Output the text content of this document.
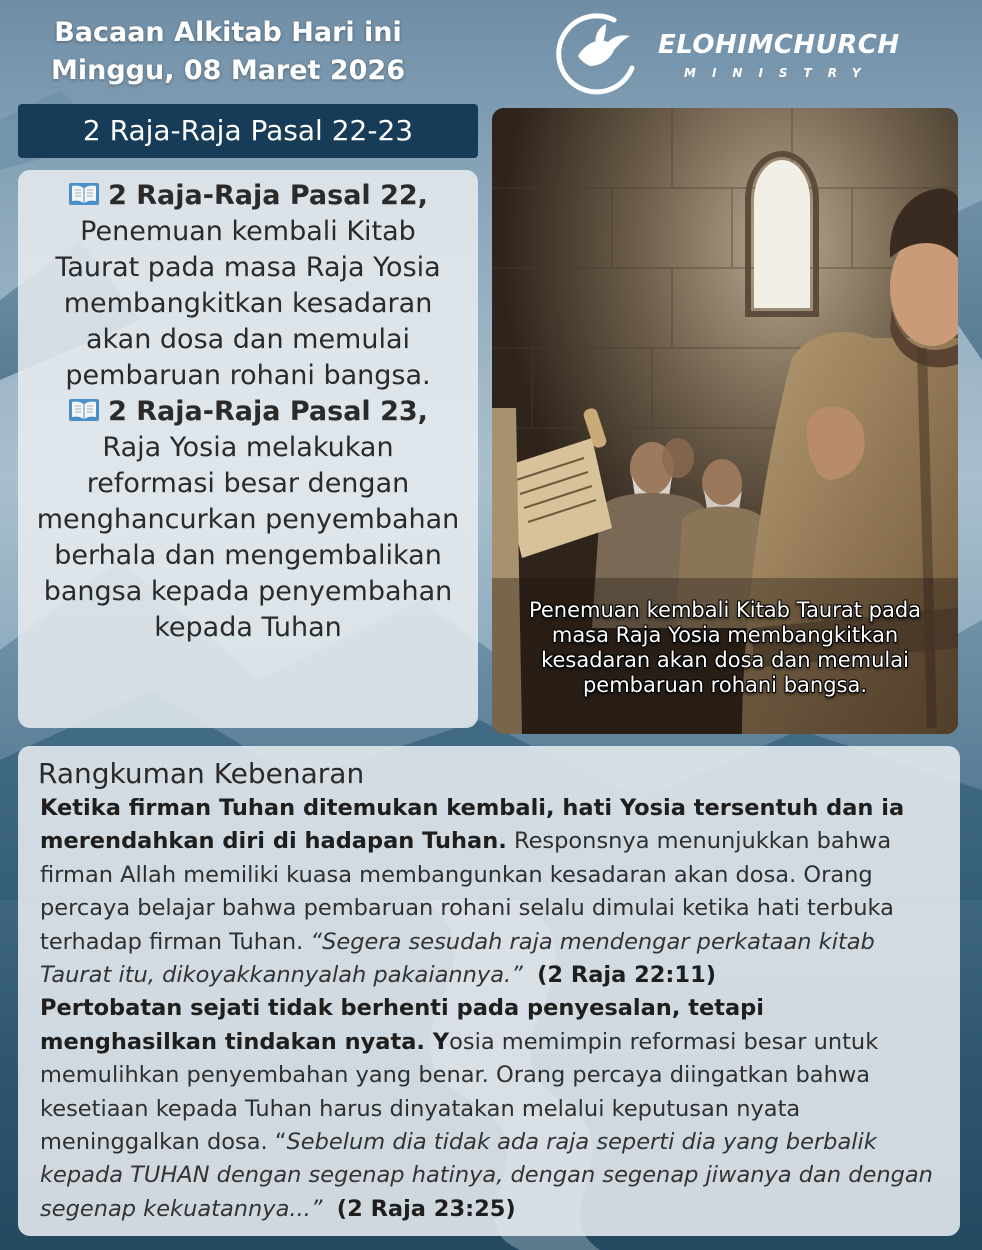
Bacaan Alkitab Hari ini
Minggu, 08 Maret 2026
ELOHIMCHURCH
MINISTRY
2 Raja-Raja Pasal 22-23
2 Raja-Raja Pasal 22,
Penemuan kembali Kitab Taurat pada masa Raja Yosia membangkitkan kesadaran akan dosa dan memulai pembaruan rohani bangsa.
2 Raja-Raja Pasal 23,
Raja Yosia melakukan reformasi besar dengan menghancurkan penyembahan berhala dan mengembalikan bangsa kepada penyembahan kepada Tuhan
Penemuan kembali Kitab Taurat pada masa Raja Yosia membangkitkan kesadaran akan dosa dan memulai pembaruan rohani bangsa.
Rangkuman Kebenaran
Ketika firman Tuhan ditemukan kembali, hati Yosia tersentuh dan ia merendahkan diri di hadapan Tuhan. Responsnya menunjukkan bahwa firman Allah memiliki kuasa membangunkan kesadaran akan dosa. Orang percaya belajar bahwa pembaruan rohani selalu dimulai ketika hati terbuka terhadap firman Tuhan. “Segera sesudah raja mendengar perkataan kitab Taurat itu, dikoyakkannyalah pakaiannya.” (2 Raja 22:11)
Pertobatan sejati tidak berhenti pada penyesalan, tetapi menghasilkan tindakan nyata. Yosia memimpin reformasi besar untuk memulihkan penyembahan yang benar. Orang percaya diingatkan bahwa kesetiaan kepada Tuhan harus dinyatakan melalui keputusan nyata meninggalkan dosa. “Sebelum dia tidak ada raja seperti dia yang berbalik kepada TUHAN dengan segenap hatinya, dengan segenap jiwanya dan dengan segenap kekuatannya...” (2 Raja 23:25)
